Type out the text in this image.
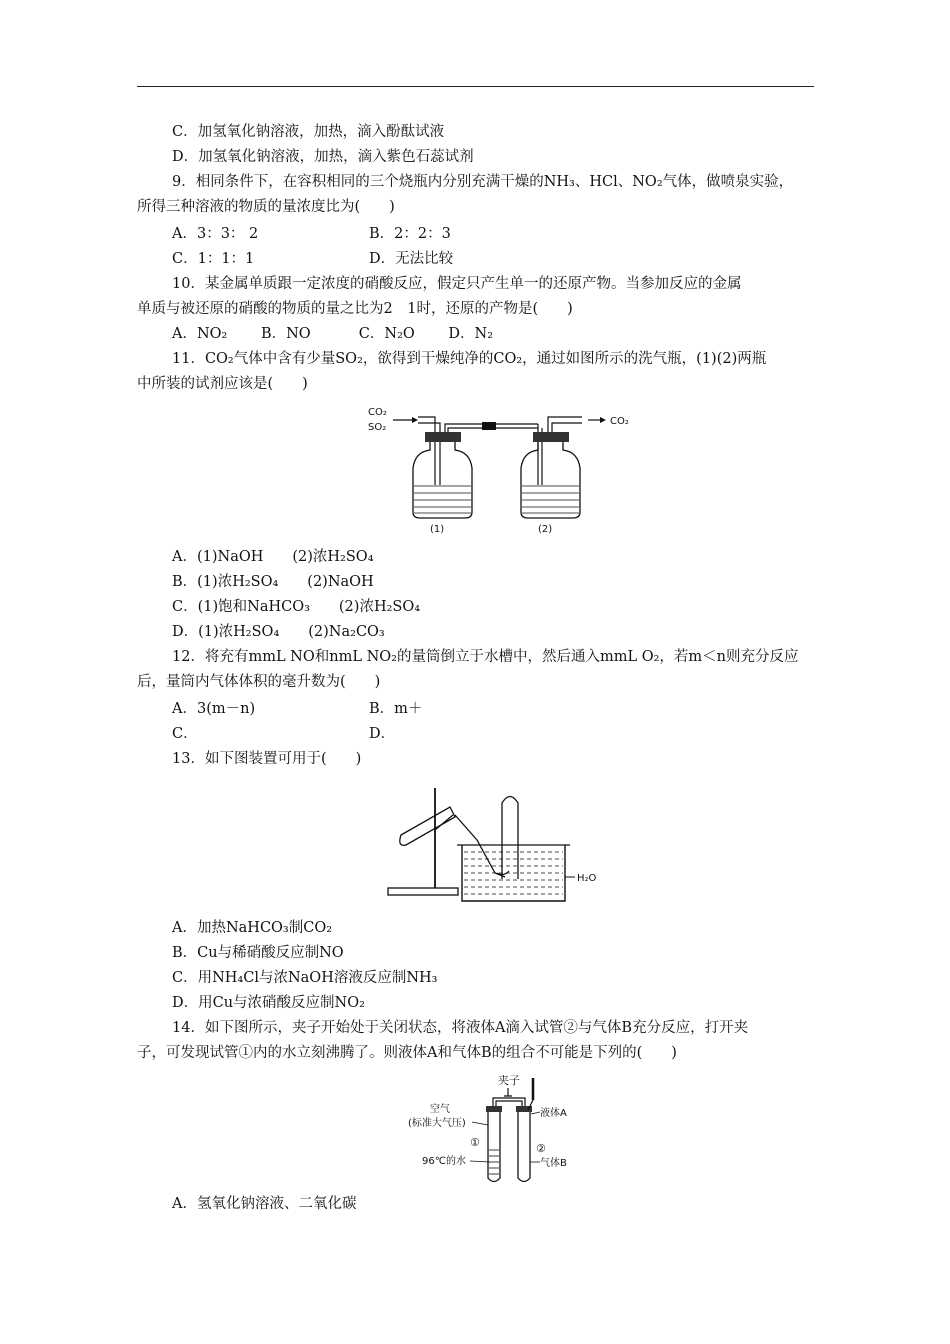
C．加氢氧化钠溶液，加热，滴入酚酞试液
D．加氢氧化钠溶液，加热，滴入紫色石蕊试剂
9．相同条件下，在容积相同的三个烧瓶内分别充满干燥的NH₃、HCl、NO₂气体，做喷泉实验，
所得三种溶液的物质的量浓度比为(　　)
A．3：3： 2	B．2：2：3
C．1：1：1	D．无法比较
10．某金属单质跟一定浓度的硝酸反应，假定只产生单一的还原产物。当参加反应的金属
单质与被还原的硝酸的物质的量之比为2　1时，还原的产物是(　　)
A．NO₂　　 B．NO　　　 C．N₂O　　 D．N₂
11．CO₂气体中含有少量SO₂，欲得到干燥纯净的CO₂，通过如图所示的洗气瓶，(1)(2)两瓶
中所装的试剂应该是(　　)
CO₂
SO₂
CO₂
(1)	(2)
A．(1)NaOH　　(2)浓H₂SO₄
B．(1)浓H₂SO₄　　(2)NaOH
C．(1)饱和NaHCO₃　　(2)浓H₂SO₄
D．(1)浓H₂SO₄　　(2)Na₂CO₃
12．将充有mmL NO和nmL NO₂的量筒倒立于水槽中，然后通入mmL O₂，若m＜n则充分反应
后，量筒内气体体积的毫升数为(　　)
A．3(m－n)	B．m＋
C．	D．
13．如下图装置可用于(　　)
H₂O
A．加热NaHCO₃制CO₂
B．Cu与稀硝酸反应制NO
C．用NH₄Cl与浓NaOH溶液反应制NH₃
D．用Cu与浓硝酸反应制NO₂
14．如下图所示，夹子开始处于关闭状态，将液体A滴入试管②与气体B充分反应，打开夹
子，可发现试管①内的水立刻沸腾了。则液体A和气体B的组合不可能是下列的(　　)
夹子
空气
(标准大气压)
①	②
96℃的水
液体A
气体B
A．氢氧化钠溶液、二氧化碳
